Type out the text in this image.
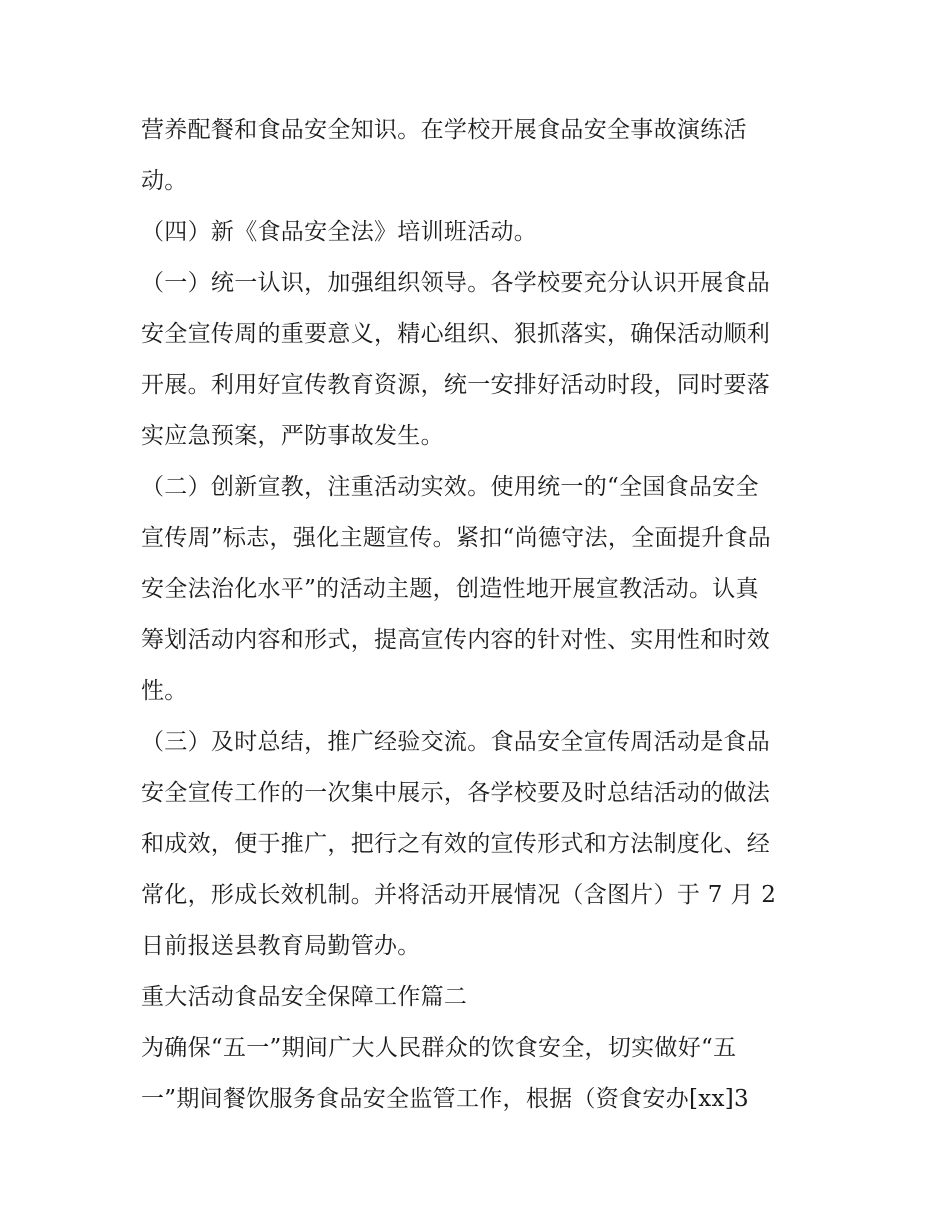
营养配餐和食品安全知识。在学校开展食品安全事故演练活
动。
（四）新《食品安全法》培训班活动。
（一）统一认识，加强组织领导。各学校要充分认识开展食品
安全宣传周的重要意义，精心组织、狠抓落实，确保活动顺利
开展。利用好宣传教育资源，统一安排好活动时段，同时要落
实应急预案，严防事故发生。
（二）创新宣教，注重活动实效。使用统一的“全国食品安全
宣传周”标志，强化主题宣传。紧扣“尚德守法，全面提升食品
安全法治化水平”的活动主题，创造性地开展宣教活动。认真
筹划活动内容和形式，提高宣传内容的针对性、实用性和时效
性。
（三）及时总结，推广经验交流。食品安全宣传周活动是食品
安全宣传工作的一次集中展示，各学校要及时总结活动的做法
和成效，便于推广，把行之有效的宣传形式和方法制度化、经
常化，形成长效机制。并将活动开展情况（含图片）于 7 月 2
日前报送县教育局勤管办。
重大活动食品安全保障工作篇二
为确保“五一”期间广大人民群众的饮食安全，切实做好“五
一”期间餐饮服务食品安全监管工作，根据（资食安办[xx]3
